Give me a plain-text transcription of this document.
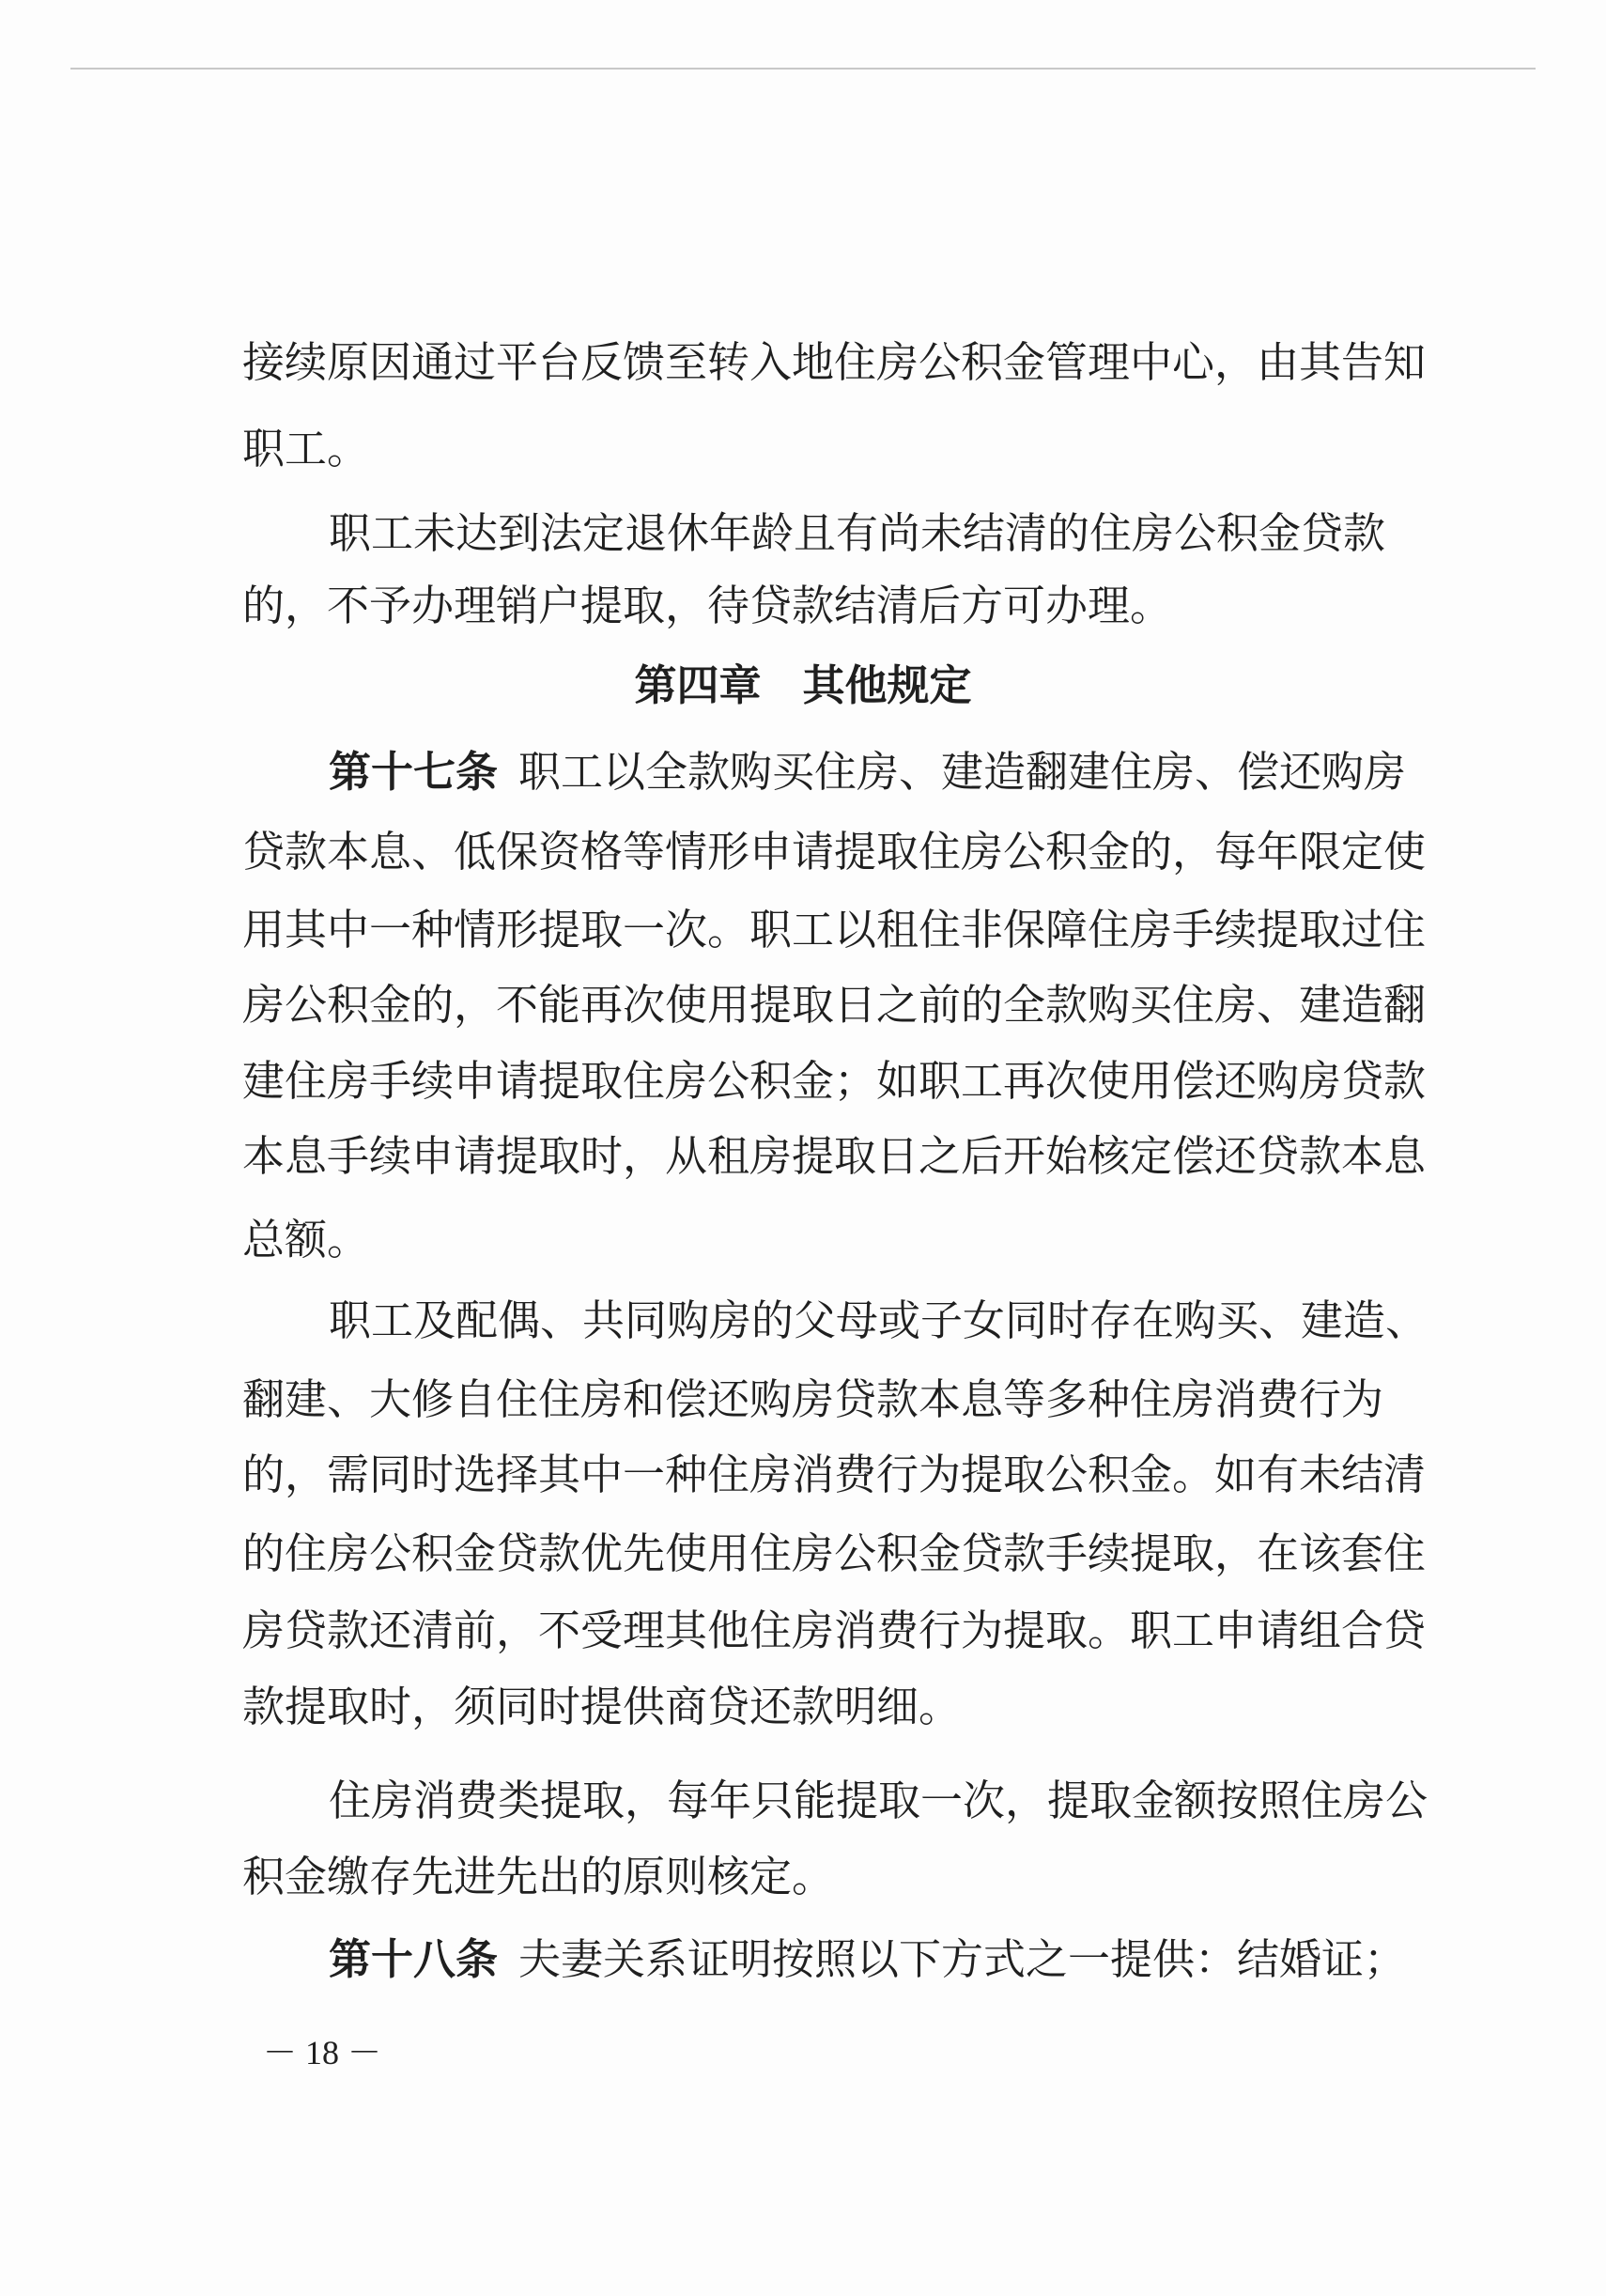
接续原因通过平台反馈至转入地住房公积金管理中心，由其告知
职工。
职工未达到法定退休年龄且有尚未结清的住房公积金贷款
的，不予办理销户提取，待贷款结清后方可办理。
第四章 其他规定
第十七条 职工以全款购买住房、建造翻建住房、偿还购房
贷款本息、低保资格等情形申请提取住房公积金的，每年限定使
用其中一种情形提取一次。职工以租住非保障住房手续提取过住
房公积金的，不能再次使用提取日之前的全款购买住房、建造翻
建住房手续申请提取住房公积金；如职工再次使用偿还购房贷款
本息手续申请提取时，从租房提取日之后开始核定偿还贷款本息
总额。
职工及配偶、共同购房的父母或子女同时存在购买、建造、
翻建、大修自住住房和偿还购房贷款本息等多种住房消费行为
的，需同时选择其中一种住房消费行为提取公积金。如有未结清
的住房公积金贷款优先使用住房公积金贷款手续提取，在该套住
房贷款还清前，不受理其他住房消费行为提取。职工申请组合贷
款提取时，须同时提供商贷还款明细。
住房消费类提取，每年只能提取一次，提取金额按照住房公
积金缴存先进先出的原则核定。
第十八条 夫妻关系证明按照以下方式之一提供：结婚证；
－ 18 －
